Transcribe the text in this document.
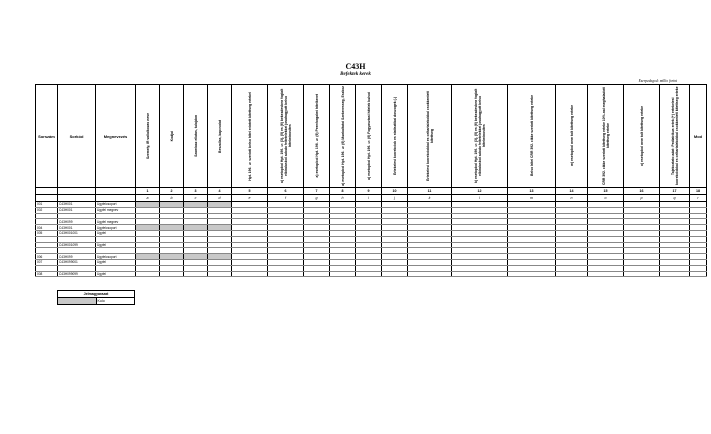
C43H
Befektek kerek
Ezerpedagod: millio forint
Sorszám	Sorkód	Megnevezés	Szemely, IR vallalkozas neve	Kodjai	Szamlaaz ellatas, tulajdon	Beszallas, kapcsolat	Hpt. 196. § szerinti belso hitel erintett kitettseg ertekel	a) esetopbol Hpt. 196. § (3), (5) es (6) bekezdesben foglalt elbiralasbol adodo feltetelekkel jovahagyott belso hitelminosites	a) esetopbol Hpt. 196. § (6) Peenforgalmi hitelkeret	a) esetopbol Hpt. 196. § (6) Munkaltatoi Szekeresseg, Eszkoz	a) esetopbol Hpt. 196. § (6) Fogyasztasi hitelek kulsoi	Ertekelesi korrekciok es statisztikai doszogek (-)	Ertekelesi korrekciokkal es celtartalekokkal csokkentett kitettseg	k) esetopbol Hpt. 196. § (3), (5) es (6) bekezdesben foglalt elbiralasbol adodo feltetelekkel jovahagyott belso hitelminosites	Belso hitel CRR 392. cikke szerinti kitettseg erteke	m) esetopbol nem tolt kitettseg erteke	CRR 392. cikke szerinti kitettseg erteke 10%-nal meghaladott kitettseg erteke	o) esetopbol nem tolt kitettseg erteke	Tajekoztato adat: Pediatrikus ertek (+) ertekelesi korrekciokkal es celtartalekokkal csokkentett kitettseg erteke	Mod

			1	2	3	4	5	6	7	8	9	10	11	12	13	14	15	16	17	18
			a	b	c	d	e	f	g	h	i	j	k	l	m	n	o	p	q	r
001	C43H001	Ugyfelcsoport																		
002	C43H001	Ugyfel megnev																		

	C43H099	Ugyfel megnev																		
004	C43H001	Ugyfelcsoport																		
005	C43H001001	Ugyfel																		

	C43H001099	Ugyfel																		

006	C43H099	Ugyfelcsoport																		
007	C43H099001	Ugyfel																		

008	C43H099099	Ugyfel																		
Jelmagyarazat
	Kulo
